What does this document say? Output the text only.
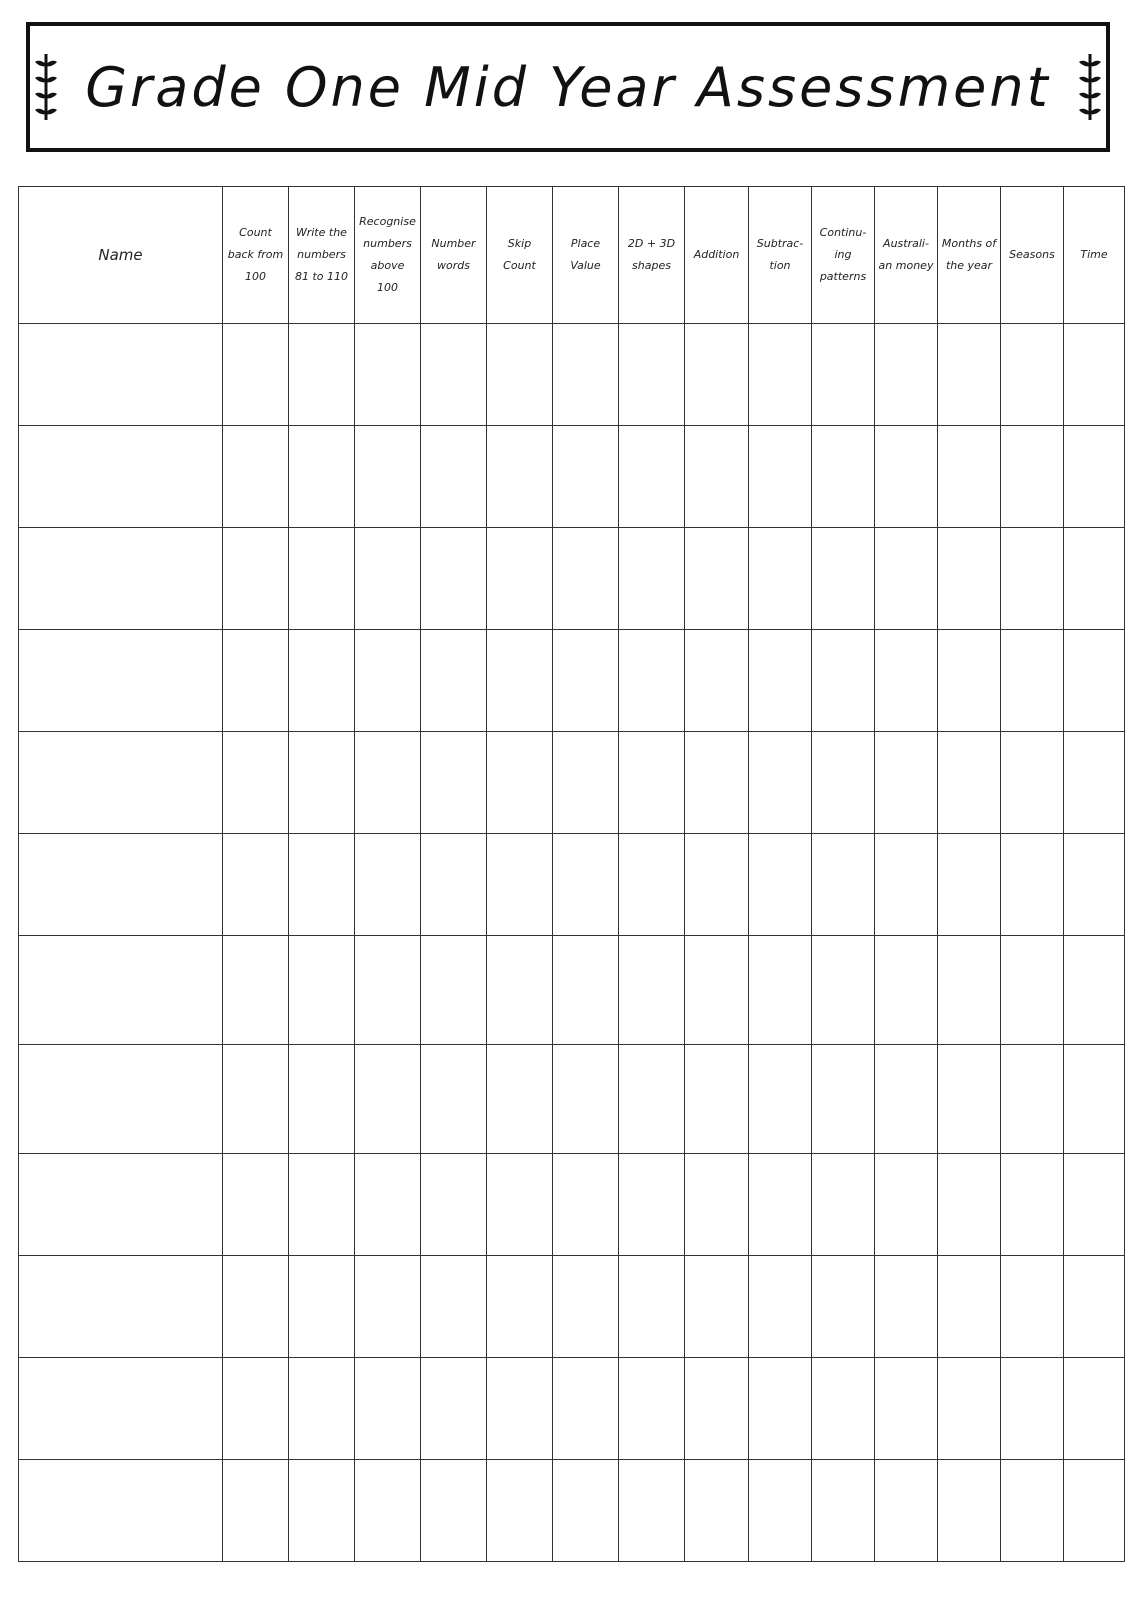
Grade One Mid Year Assessment
Name	Count
back from
100	Write the
numbers
81 to 110	Recognise
numbers
above
100	Number
words	Skip
Count	Place
Value	2D + 3D
shapes	Addition	Subtrac-
tion	Continu-
ing
patterns	Australi-
an money	Months of
the year	Seasons	Time
